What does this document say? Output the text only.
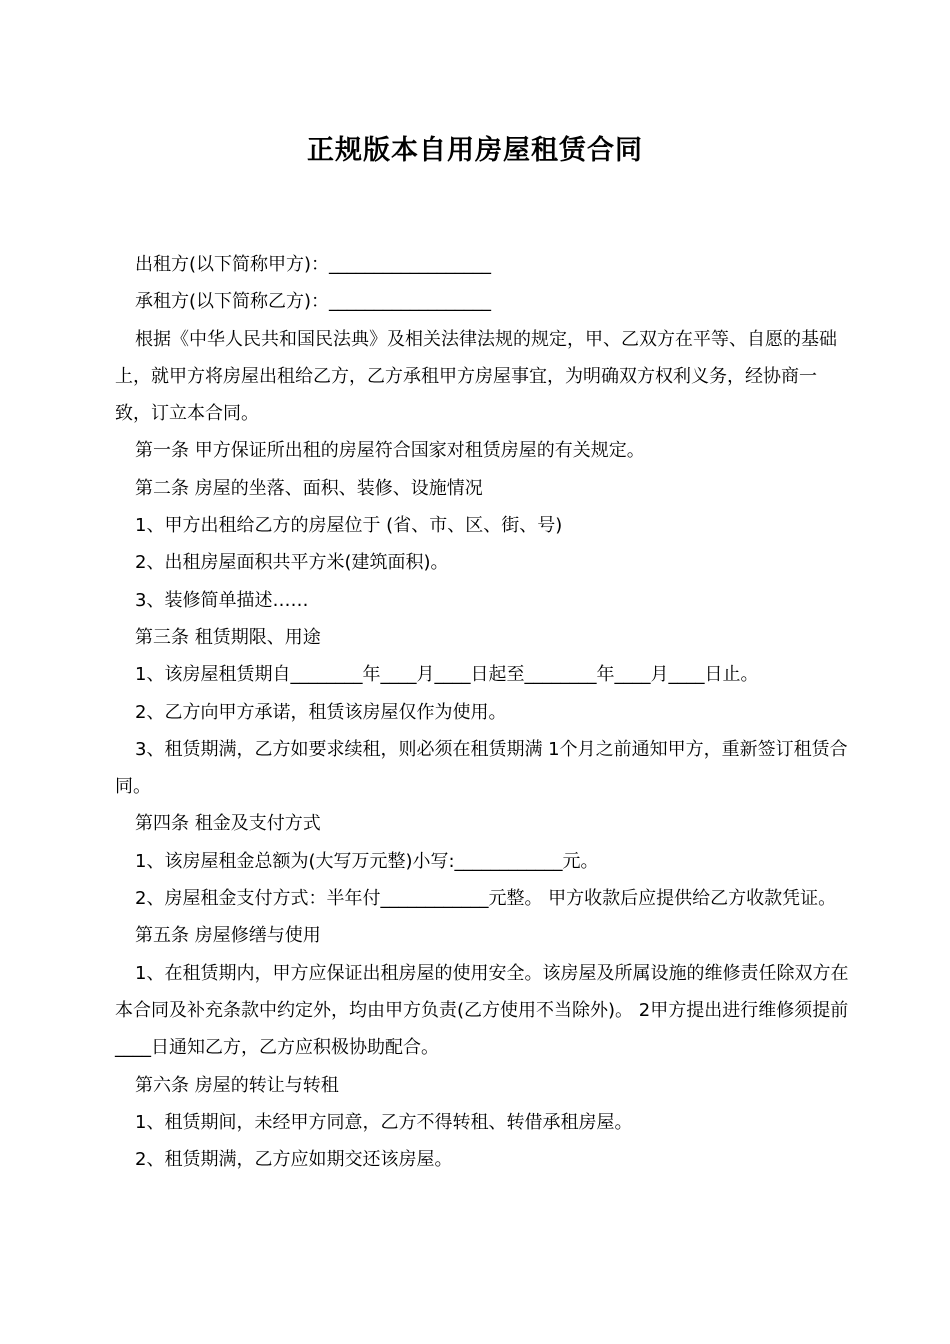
正规版本自用房屋租赁合同

出租方(以下简称甲方)：__________________

承租方(以下简称乙方)：__________________

根据《中华人民共和国民法典》及相关法律法规的规定，甲、乙双方在平等、自愿的基础上，就甲方将房屋出租给乙方，乙方承租甲方房屋事宜，为明确双方权利义务，经协商一致，订立本合同。

第一条 甲方保证所出租的房屋符合国家对租赁房屋的有关规定。

第二条 房屋的坐落、面积、装修、设施情况

1、甲方出租给乙方的房屋位于 (省、市、区、街、号)

2、出租房屋面积共平方米(建筑面积)。

3、装修简单描述……

第三条 租赁期限、用途

1、该房屋租赁期自________年____月____日起至________年____月____日止。

2、乙方向甲方承诺，租赁该房屋仅作为使用。

3、租赁期满，乙方如要求续租，则必须在租赁期满 1个月之前通知甲方，重新签订租赁合同。

第四条 租金及支付方式

1、该房屋租金总额为(大写万元整)小写:____________元。

2、房屋租金支付方式：半年付____________元整。 甲方收款后应提供给乙方收款凭证。

第五条 房屋修缮与使用

1、在租赁期内，甲方应保证出租房屋的使用安全。该房屋及所属设施的维修责任除双方在本合同及补充条款中约定外，均由甲方负责(乙方使用不当除外)。 2甲方提出进行维修须提前____日通知乙方，乙方应积极协助配合。

第六条 房屋的转让与转租

1、租赁期间，未经甲方同意，乙方不得转租、转借承租房屋。

2、租赁期满，乙方应如期交还该房屋。
